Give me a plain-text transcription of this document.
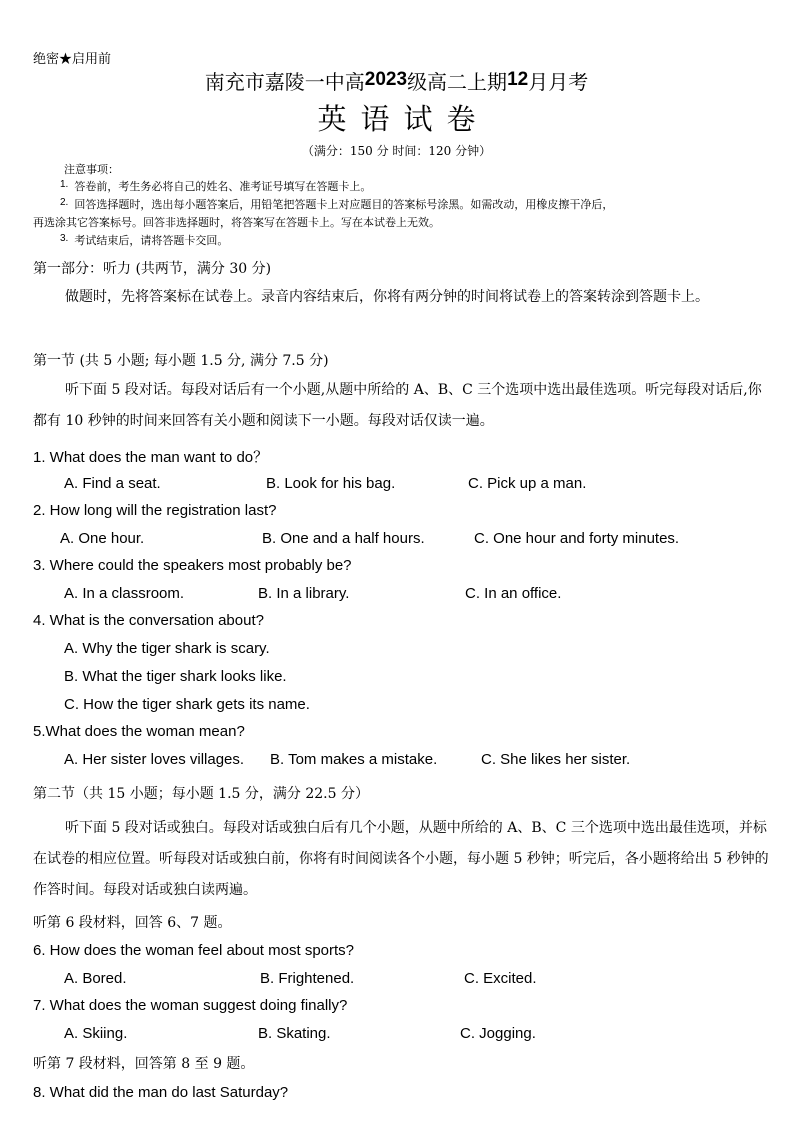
绝密★启用前
南充市嘉陵一中高2023级高二上期12月月考
英语试卷
（满分：150 分 时间：120 分钟）
注意事项：
1. 答卷前，考生务必将自己的姓名、准考证号填写在答题卡上。
2. 回答选择题时，选出每小题答案后，用铅笔把答题卡上对应题目的答案标号涂黑。如需改动，用橡皮擦干净后，
再选涂其它答案标号。回答非选择题时，将答案写在答题卡上。写在本试卷上无效。
3. 考试结束后，请将答题卡交回。
第一部分：听力 (共两节，满分 30 分)
做题时，先将答案标在试卷上。录音内容结束后，你将有两分钟的时间将试卷上的答案转涂到答题卡上。
第一节 (共 5 小题; 每小题 1.5 分, 满分 7.5 分)
听下面 5 段对话。每段对话后有一个小题,从题中所给的 A、B、C 三个选项中选出最佳选项。听完每段对话后,你都有 10 秒钟的时间来回答有关小题和阅读下一小题。每段对话仅读一遍。
1. What does the man want to do？
A. Find a seat.	B. Look for his bag.	C. Pick up a man.
2. How long will the registration last?
A. One hour.	B. One and a half hours.	C. One hour and forty minutes.
3. Where could the speakers most probably be?
A. In a classroom.	B. In a library.	C. In an office.
4. What is the conversation about?
A. Why the tiger shark is scary.
B. What the tiger shark looks like.
C. How the tiger shark gets its name.
5.What does the woman mean?
A. Her sister loves villages. B. Tom makes a mistake.	C. She likes her sister.
第二节（共 15 小题；每小题 1.5 分，满分 22.5 分）
听下面 5 段对话或独白。每段对话或独白后有几个小题，从题中所给的 A、B、C 三个选项中选出最佳选项，并标在试卷的相应位置。听每段对话或独白前，你将有时间阅读各个小题，每小题 5 秒钟；听完后，各小题将给出 5 秒钟的作答时间。每段对话或独白读两遍。
听第 6 段材料，回答 6、7 题。
6. How does the woman feel about most sports?
A. Bored.	B. Frightened.	C. Excited.
7. What does the woman suggest doing finally?
A. Skiing.	B. Skating.	C. Jogging.
听第 7 段材料，回答第 8 至 9 题。
8. What did the man do last Saturday?
